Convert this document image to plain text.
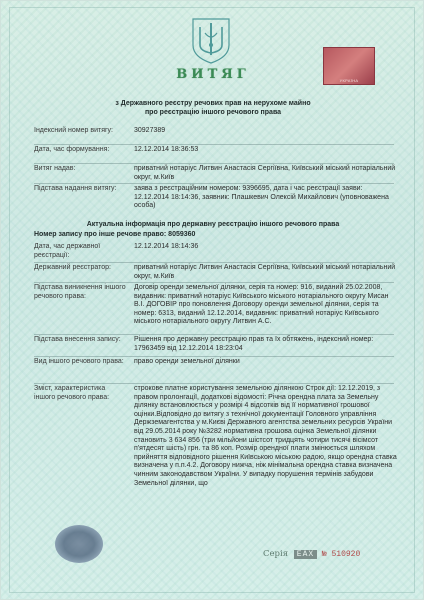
ВИТЯГ	УКРАЇНА
з Державного реєстру речових прав на нерухоме майно
про реєстрацію іншого речового права
Індексний номер витягу:	30927389
Дата, час формування:	12.12.2014 18:36:53
Витяг надав:	приватний нотаріус Литвин Анастасія Сергіївна, Київський міський нотаріальний округ, м.Київ
Підстава надання витягу:	заява з реєстраційним номером: 9396695, дата і час реєстрації заяви: 12.12.2014 18:14:36, заявник: Плашкевич Олексій Михайлович (уповноважена особа)
Актуальна інформація про державну реєстрацію іншого речового права
Номер запису про інше речове право: 8059360
Дата, час державної реєстрації:
12.12.2014 18:14:36
Державний реєстратор:	приватний нотаріус Литвин Анастасія Сергіївна, Київський міський нотаріальний округ, м.Київ
Підстава виникнення іншого речового права:
Договір оренди земельної ділянки, серія та номер: 916, виданий 25.02.2008, видавник: приватний нотаріус Київського міського нотаріального округу Мисан В.І. ДОГОВІР про поновлення Договору оренди земельної ділянки, серія та номер: 6313, виданий 12.12.2014, видавник: приватний нотаріус Київського міського нотаріального округу Литвин А.С.
Підстава внесення запису:	Рішення про державну реєстрацію прав та їх обтяжень, індексний номер: 17963459 від 12.12.2014 18:23:04
Вид іншого речового права:	право оренди земельної ділянки
Зміст, характеристика іншого речового права:
строкове платне користування земельною ділянкою Строк дії: 12.12.2019, з правом пролонгації, додаткові відомості: Річна орендна плата за Земельну ділянку встановлюється у розмірі 4 відсотків від її нормативної грошової оцінки.Відповідно до витягу з технічної документації Головного управління Держземагентства у м.Києві Державного агентства земельних ресурсів України від 29.05.2014 року №3282 нормативна грошова оцінка Земельної ділянки становить 3 634 856 (три мільйони шістсот тридцять чотири тисячі вісімсот п'ятдесят шість) грн. та 86 коп. Розмір орендної плати змінюється шляхом прийняття відповідного рішення Київською міською радою, якщо орендна ставка визначена у п.п.4.2. Договору нижча, ніж мінімальна орендна ставка визначена чинним законодавством України. У випадку порушення термінів забудови Земельної ділянки, що
Серія ЕАХ № 510920
